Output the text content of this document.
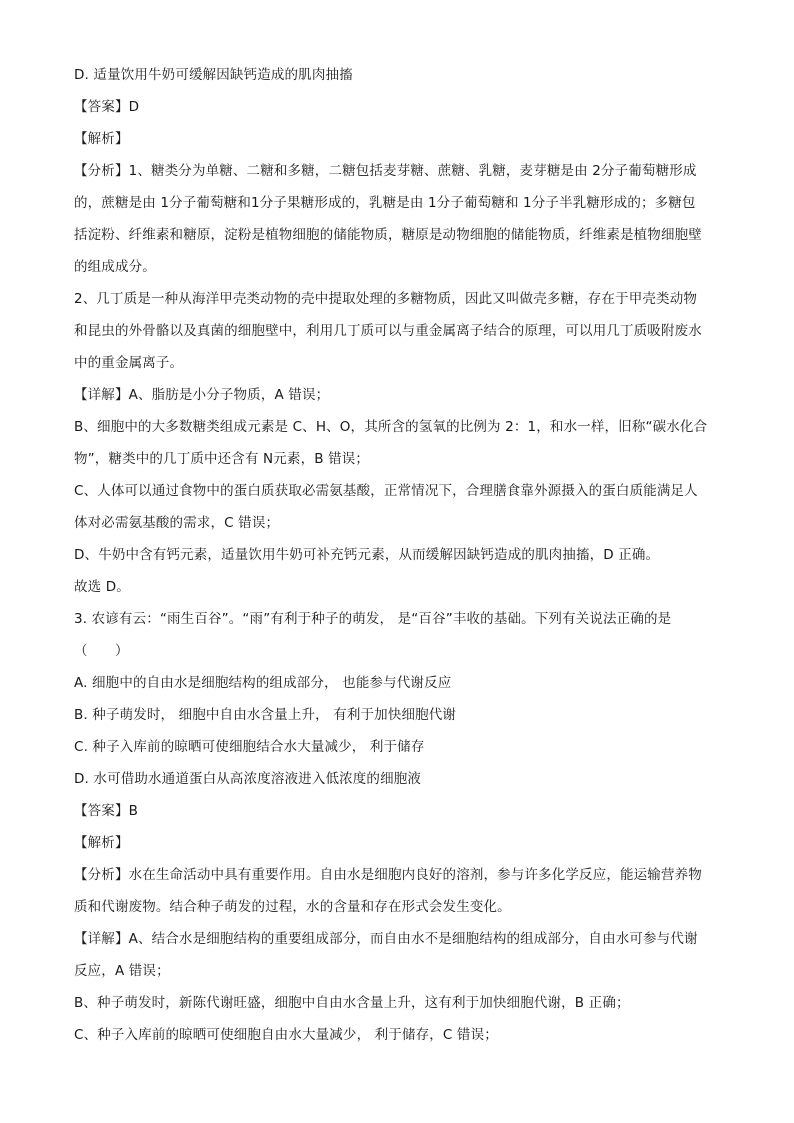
D. 适量饮用牛奶可缓解因缺钙造成的肌肉抽搐
【答案】D
【解析】
【分析】1、糖类分为单糖、二糖和多糖，二糖包括麦芽糖、蔗糖、乳糖，麦芽糖是由 2分子葡萄糖形成
的，蔗糖是由 1分子葡萄糖和1分子果糖形成的，乳糖是由 1分子葡萄糖和 1分子半乳糖形成的；多糖包
括淀粉、纤维素和糖原，淀粉是植物细胞的储能物质，糖原是动物细胞的储能物质，纤维素是植物细胞壁
的组成成分。
2、几丁质是一种从海洋甲壳类动物的壳中提取处理的多糖物质，因此又叫做壳多糖，存在于甲壳类动物
和昆虫的外骨骼以及真菌的细胞壁中，利用几丁质可以与重金属离子结合的原理，可以用几丁质吸附废水
中的重金属离子。
【详解】A、脂肪是小分子物质，A 错误；
B、细胞中的大多数糖类组成元素是 C、H、O，其所含的氢氧的比例为 2：1，和水一样，旧称“碳水化合
物”，糖类中的几丁质中还含有 N元素，B 错误；
C、人体可以通过食物中的蛋白质获取必需氨基酸，正常情况下，合理膳食靠外源摄入的蛋白质能满足人
体对必需氨基酸的需求，C 错误；
D、牛奶中含有钙元素，适量饮用牛奶可补充钙元素，从而缓解因缺钙造成的肌肉抽搐，D 正确。
故选 D。
3. 农谚有云：“雨生百谷”。“雨”有利于种子的萌发， 是“百谷”丰收的基础。下列有关说法正确的是
（　　）
A. 细胞中的自由水是细胞结构的组成部分， 也能参与代谢反应
B. 种子萌发时， 细胞中自由水含量上升， 有利于加快细胞代谢
C. 种子入库前的晾晒可使细胞结合水大量减少， 利于储存
D. 水可借助水通道蛋白从高浓度溶液进入低浓度的细胞液
【答案】B
【解析】
【分析】水在生命活动中具有重要作用。自由水是细胞内良好的溶剂，参与许多化学反应，能运输营养物
质和代谢废物。结合种子萌发的过程，水的含量和存在形式会发生变化。
【详解】A、结合水是细胞结构的重要组成部分，而自由水不是细胞结构的组成部分，自由水可参与代谢
反应，A 错误；
B、种子萌发时，新陈代谢旺盛，细胞中自由水含量上升，这有利于加快细胞代谢，B 正确；
C、种子入库前的晾晒可使细胞自由水大量减少， 利于储存，C 错误；
